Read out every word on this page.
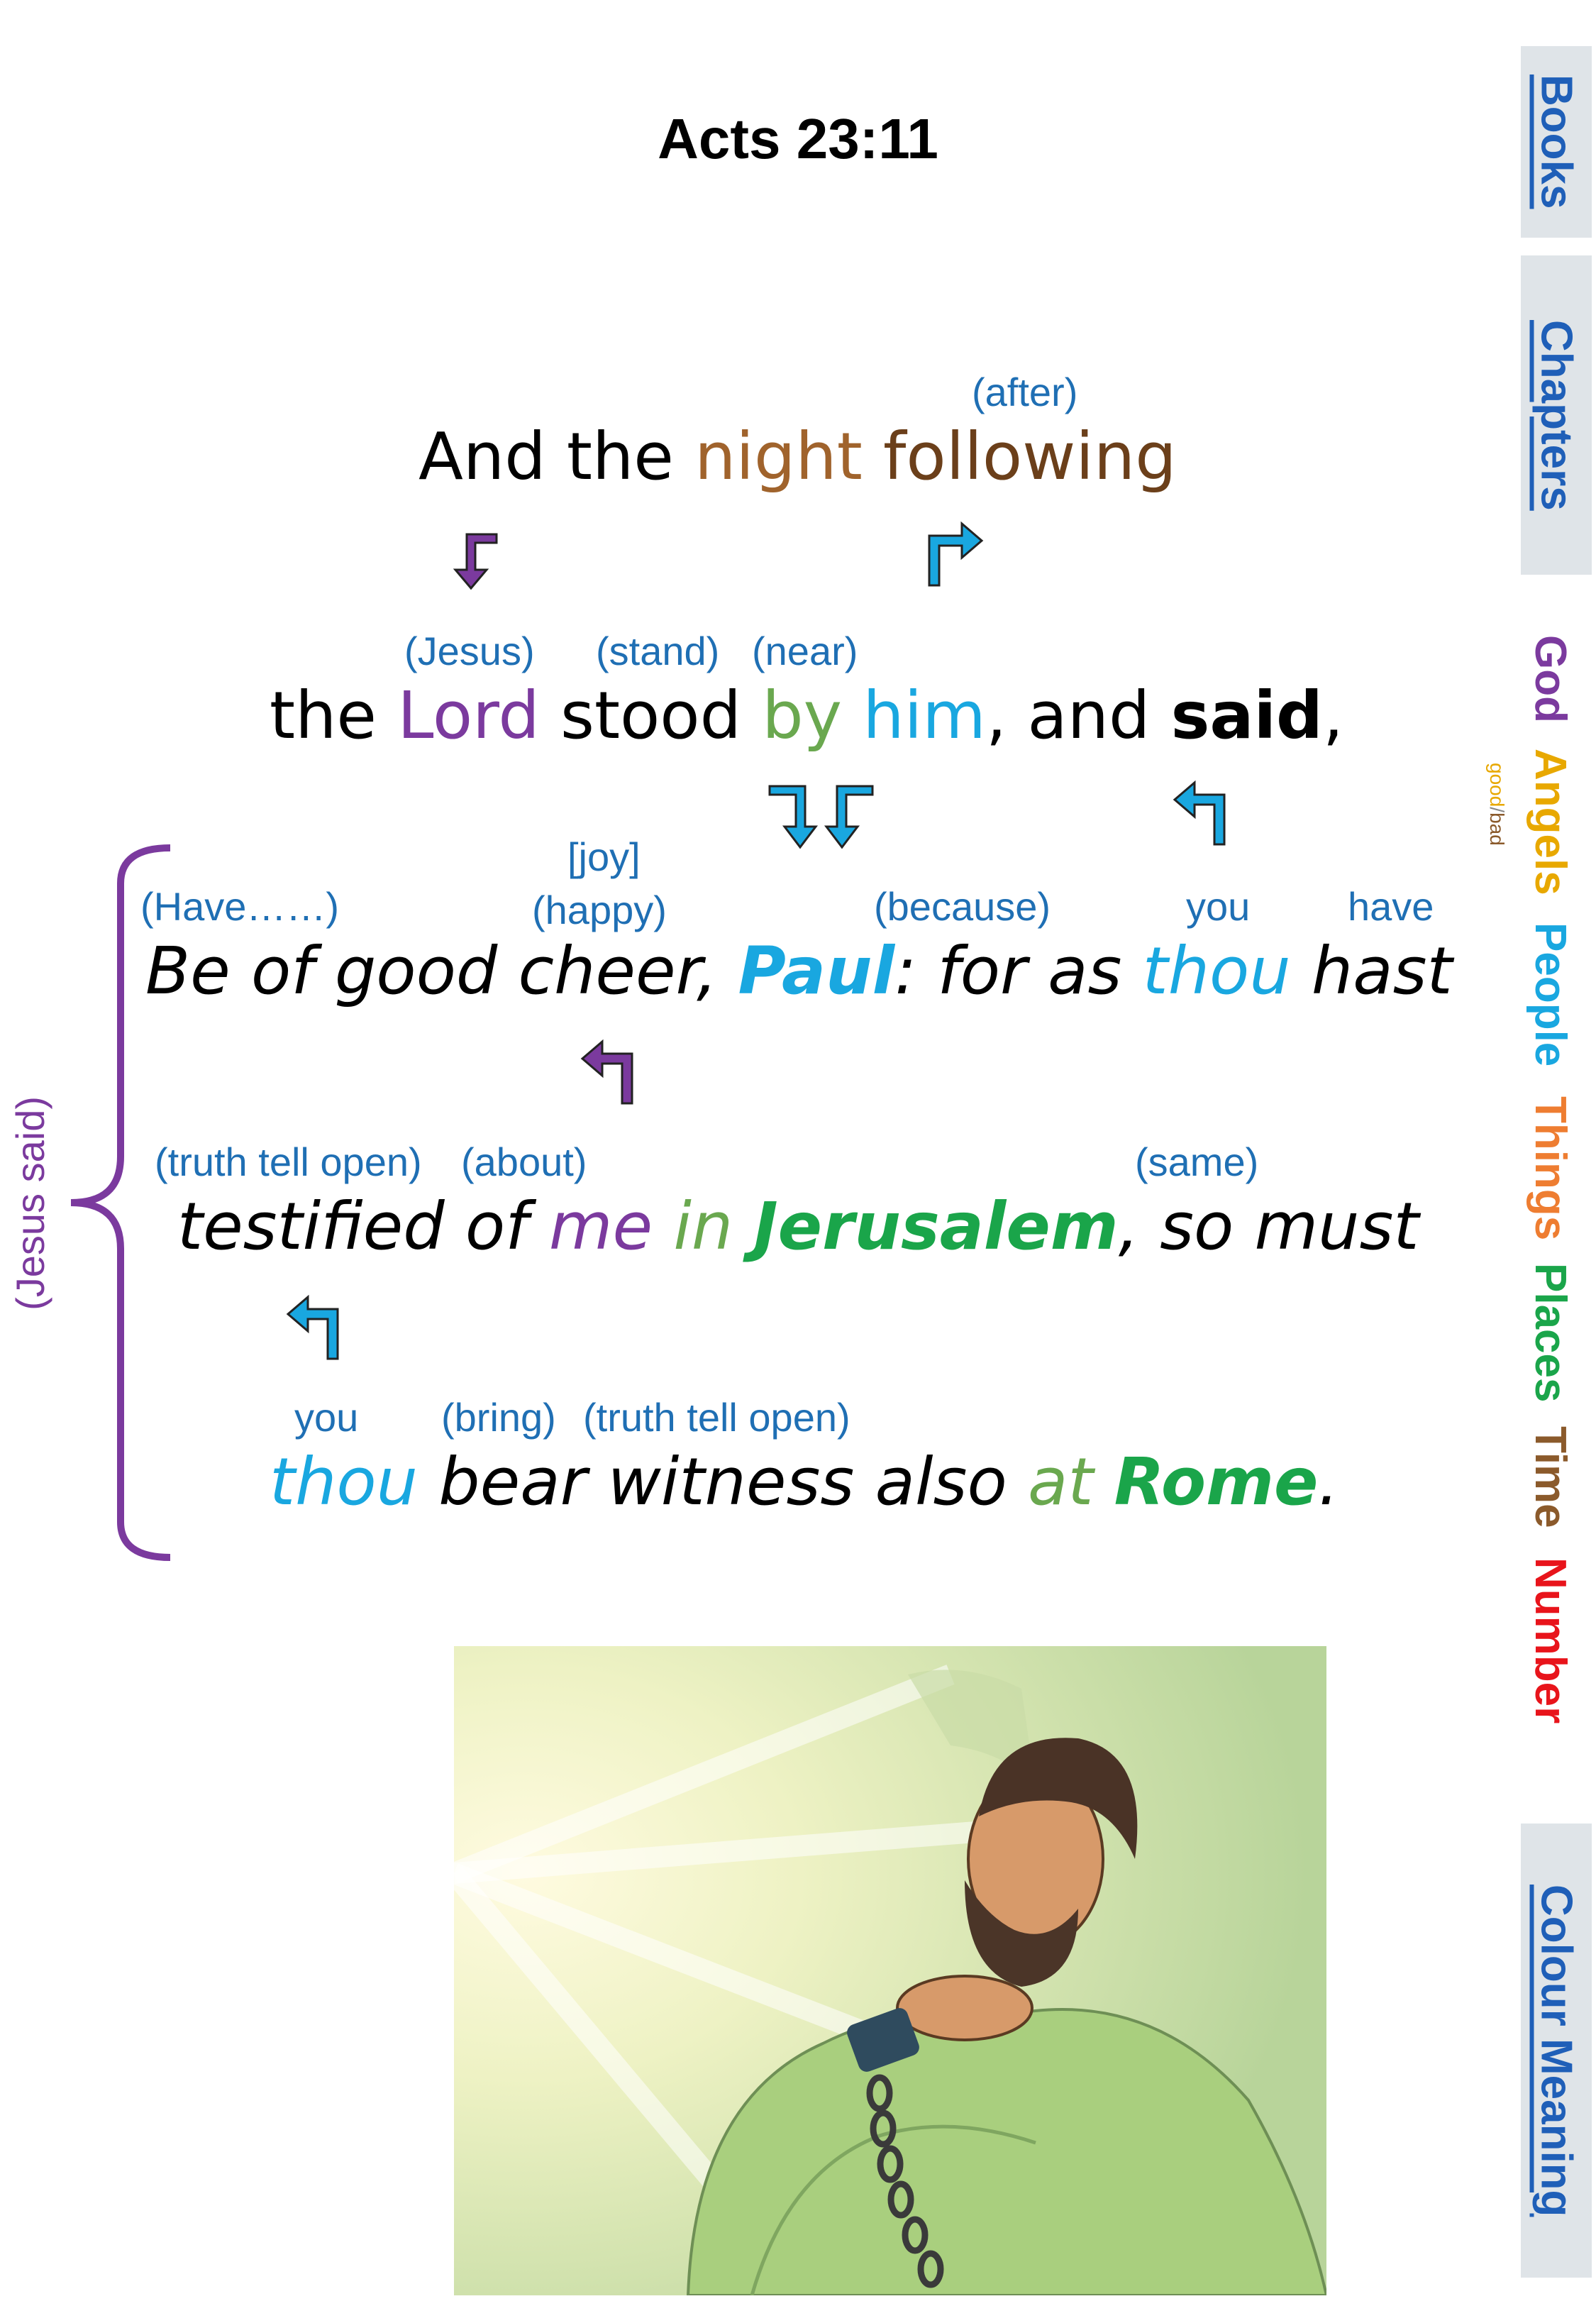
Acts 23:11	Books
Chapters
Colour Meaning
God
Angels
good/bad
People
Things
Places
Time
Number
(after)
And the night following
(Jesus) (stand) (near)
the Lord stood by him, and said,
(Jesus said)
[joy]
(Have……)	(happy)	(because)	you have
Be of good cheer, Paul: for as thou hast
(truth tell open) (about)	(same)
testified of me in Jerusalem, so must
you (bring) (truth tell open)
thou bear witness also at Rome.
